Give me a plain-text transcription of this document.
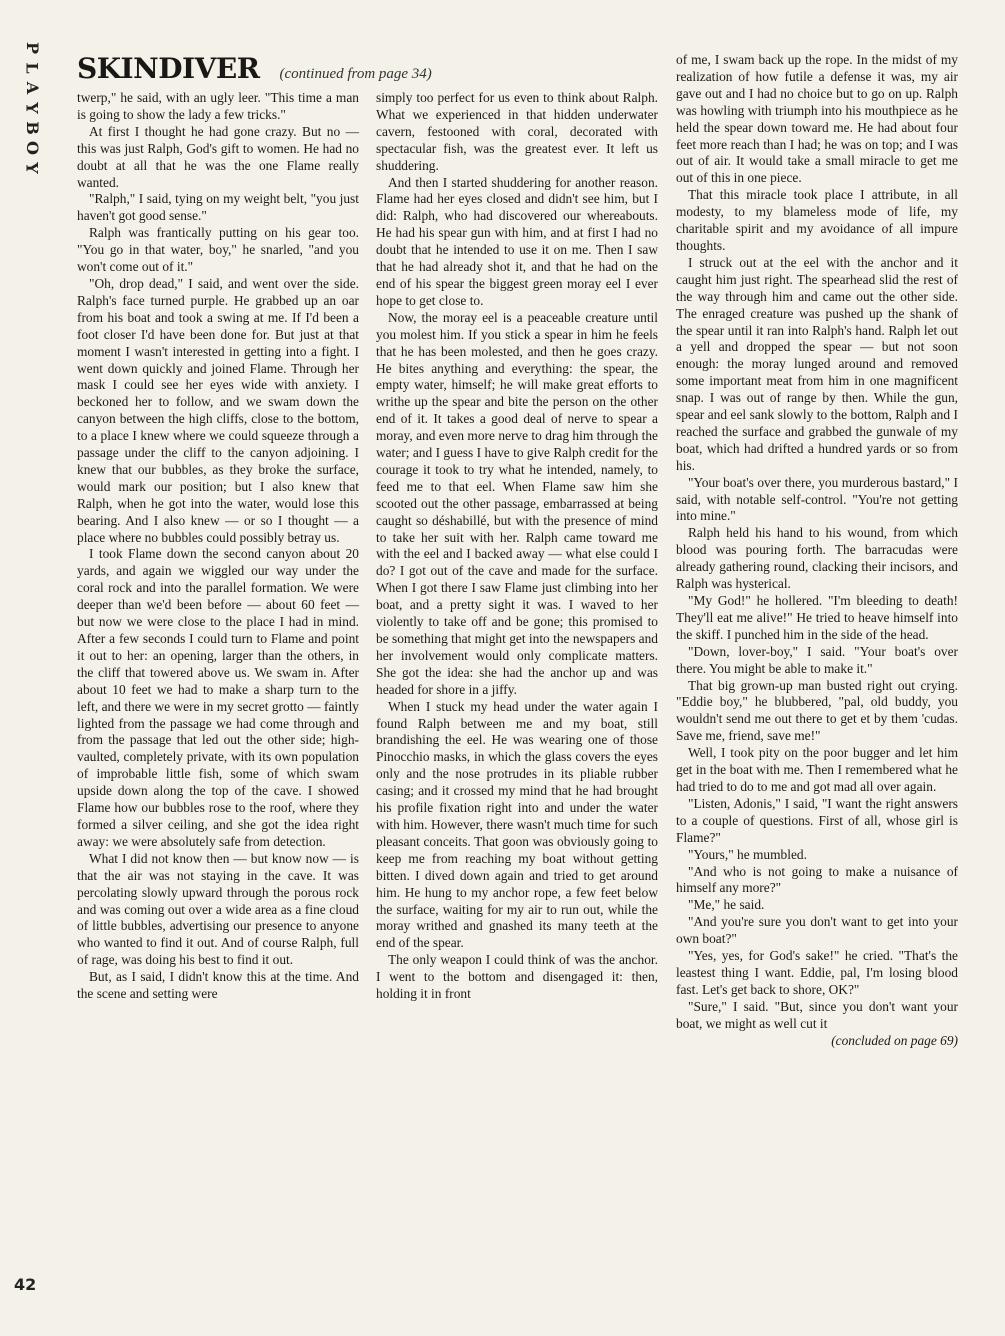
P
L
A
Y
B
O
Y
SKINDIVER (continued from page 34)

twerp," he said, with an ugly leer. "This time a man is going to show the lady a few tricks."

At first I thought he had gone crazy. But no — this was just Ralph, God's gift to women. He had no doubt at all that he was the one Flame really wanted.

"Ralph," I said, tying on my weight belt, "you just haven't got good sense."

Ralph was frantically putting on his gear too. "You go in that water, boy," he snarled, "and you won't come out of it."

"Oh, drop dead," I said, and went over the side. Ralph's face turned purple. He grabbed up an oar from his boat and took a swing at me. If I'd been a foot closer I'd have been done for. But just at that moment I wasn't interested in getting into a fight. I went down quickly and joined Flame. Through her mask I could see her eyes wide with anxiety. I beckoned her to follow, and we swam down the canyon between the high cliffs, close to the bottom, to a place I knew where we could squeeze through a passage under the cliff to the canyon adjoining. I knew that our bubbles, as they broke the surface, would mark our position; but I also knew that Ralph, when he got into the water, would lose this bearing. And I also knew — or so I thought — a place where no bubbles could possibly betray us.

I took Flame down the second canyon about 20 yards, and again we wiggled our way under the coral rock and into the parallel formation. We were deeper than we'd been before — about 60 feet — but now we were close to the place I had in mind. After a few seconds I could turn to Flame and point it out to her: an opening, larger than the others, in the cliff that towered above us. We swam in. After about 10 feet we had to make a sharp turn to the left, and there we were in my secret grotto — faintly lighted from the passage we had come through and from the passage that led out the other side; high-vaulted, completely private, with its own population of improbable little fish, some of which swam upside down along the top of the cave. I showed Flame how our bubbles rose to the roof, where they formed a silver ceiling, and she got the idea right away: we were absolutely safe from detection.

What I did not know then — but know now — is that the air was not staying in the cave. It was percolating slowly upward through the porous rock and was coming out over a wide area as a fine cloud of little bubbles, advertising our presence to anyone who wanted to find it out. And of course Ralph, full of rage, was doing his best to find it out.

But, as I said, I didn't know this at the time. And the scene and setting were

simply too perfect for us even to think about Ralph. What we experienced in that hidden underwater cavern, festooned with coral, decorated with spectacular fish, was the greatest ever. It left us shuddering.

And then I started shuddering for another reason. Flame had her eyes closed and didn't see him, but I did: Ralph, who had discovered our whereabouts. He had his spear gun with him, and at first I had no doubt that he intended to use it on me. Then I saw that he had already shot it, and that he had on the end of his spear the biggest green moray eel I ever hope to get close to.

Now, the moray eel is a peaceable creature until you molest him. If you stick a spear in him he feels that he has been molested, and then he goes crazy. He bites anything and everything: the spear, the empty water, himself; he will make great efforts to writhe up the spear and bite the person on the other end of it. It takes a good deal of nerve to spear a moray, and even more nerve to drag him through the water; and I guess I have to give Ralph credit for the courage it took to try what he intended, namely, to feed me to that eel. When Flame saw him she scooted out the other passage, embarrassed at being caught so déshabillé, but with the presence of mind to take her suit with her. Ralph came toward me with the eel and I backed away — what else could I do? I got out of the cave and made for the surface. When I got there I saw Flame just climbing into her boat, and a pretty sight it was. I waved to her violently to take off and be gone; this promised to be something that might get into the newspapers and her involvement would only complicate matters. She got the idea: she had the anchor up and was headed for shore in a jiffy.

When I stuck my head under the water again I found Ralph between me and my boat, still brandishing the eel. He was wearing one of those Pinocchio masks, in which the glass covers the eyes only and the nose protrudes in its pliable rubber casing; and it crossed my mind that he had brought his profile fixation right into and under the water with him. However, there wasn't much time for such pleasant conceits. That goon was obviously going to keep me from reaching my boat without getting bitten. I dived down again and tried to get around him. He hung to my anchor rope, a few feet below the surface, waiting for my air to run out, while the moray writhed and gnashed its many teeth at the end of the spear.

The only weapon I could think of was the anchor. I went to the bottom and disengaged it: then, holding it in front

of me, I swam back up the rope. In the midst of my realization of how futile a defense it was, my air gave out and I had no choice but to go on up. Ralph was howling with triumph into his mouthpiece as he held the spear down toward me. He had about four feet more reach than I had; he was on top; and I was out of air. It would take a small miracle to get me out of this in one piece.

That this miracle took place I attribute, in all modesty, to my blameless mode of life, my charitable spirit and my avoidance of all impure thoughts.

I struck out at the eel with the anchor and it caught him just right. The spearhead slid the rest of the way through him and came out the other side. The enraged creature was pushed up the shank of the spear until it ran into Ralph's hand. Ralph let out a yell and dropped the spear — but not soon enough: the moray lunged around and removed some important meat from him in one magnificent snap. I was out of range by then. While the gun, spear and eel sank slowly to the bottom, Ralph and I reached the surface and grabbed the gunwale of my boat, which had drifted a hundred yards or so from his.

"Your boat's over there, you murderous bastard," I said, with notable self-control. "You're not getting into mine."

Ralph held his hand to his wound, from which blood was pouring forth. The barracudas were already gathering round, clacking their incisors, and Ralph was hysterical.

"My God!" he hollered. "I'm bleeding to death! They'll eat me alive!" He tried to heave himself into the skiff. I punched him in the side of the head.

"Down, lover-boy," I said. "Your boat's over there. You might be able to make it."

That big grown-up man busted right out crying. "Eddie boy," he blubbered, "pal, old buddy, you wouldn't send me out there to get et by them 'cudas. Save me, friend, save me!"

Well, I took pity on the poor bugger and let him get in the boat with me. Then I remembered what he had tried to do to me and got mad all over again.

"Listen, Adonis," I said, "I want the right answers to a couple of questions. First of all, whose girl is Flame?"

"Yours," he mumbled.

"And who is not going to make a nuisance of himself any more?"

"Me," he said.

"And you're sure you don't want to get into your own boat?"

"Yes, yes, for God's sake!" he cried. "That's the leastest thing I want. Eddie, pal, I'm losing blood fast. Let's get back to shore, OK?"

"Sure," I said. "But, since you don't want your boat, we might as well cut it

(concluded on page 69)

42
